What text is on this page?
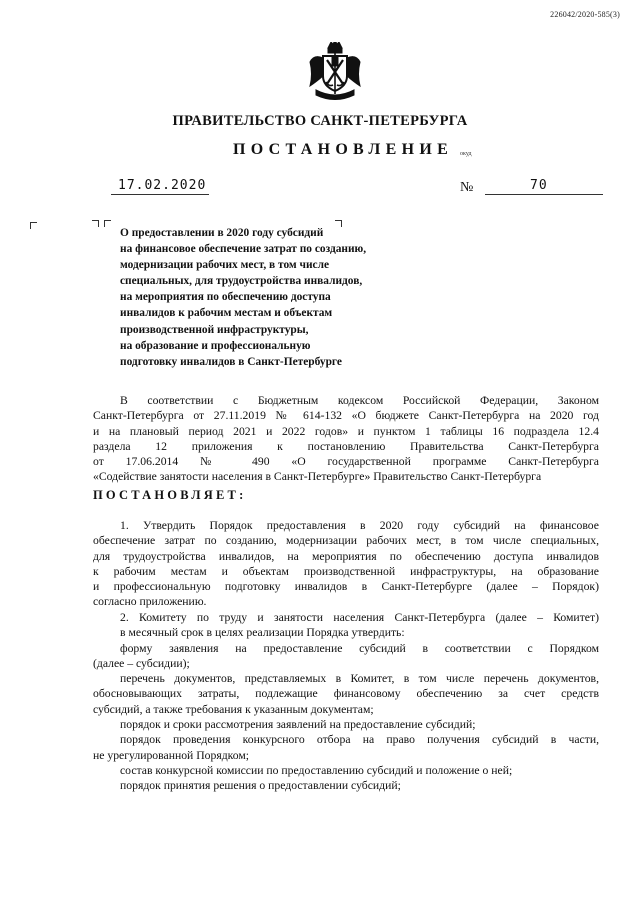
226042/2020-585(3)
ПРАВИТЕЛЬСТВО САНКТ-ПЕТЕРБУРГА
ПОСТАНОВЛЕНИЕ окуд
17.02.2020	№	70
О предоставлении в 2020 году субсидий
на финансовое обеспечение затрат по созданию,
модернизации рабочих мест, в том числе
специальных, для трудоустройства инвалидов,
на мероприятия по обеспечению доступа
инвалидов к рабочим местам и объектам
производственной инфраструктуры,
на образование и профессиональную
подготовку инвалидов в Санкт-Петербурге
В соответствии с Бюджетным кодексом Российской Федерации, Законом
Санкт-Петербурга от 27.11.2019 № 614-132 «О бюджете Санкт-Петербурга на 2020 год
и на плановый период 2021 и 2022 годов» и пунктом 1 таблицы 16 подраздела 12.4
раздела 12 приложения к постановлению Правительства Санкт-Петербурга
от 17.06.2014 № 490 «О государственной программе Санкт-Петербурга
«Содействие занятости населения в Санкт-Петербурге» Правительство Санкт-Петербурга
ПОСТАНОВЛЯЕТ:
1. Утвердить Порядок предоставления в 2020 году субсидий на финансовое
обеспечение затрат по созданию, модернизации рабочих мест, в том числе специальных,
для трудоустройства инвалидов, на мероприятия по обеспечению доступа инвалидов
к рабочим местам и объектам производственной инфраструктуры, на образование
и профессиональную подготовку инвалидов в Санкт-Петербурге (далее – Порядок)
согласно приложению.
2. Комитету по труду и занятости населения Санкт-Петербурга (далее – Комитет)
в месячный срок в целях реализации Порядка утвердить:
форму заявления на предоставление субсидий в соответствии с Порядком
(далее – субсидии);
перечень документов, представляемых в Комитет, в том числе перечень документов,
обосновывающих затраты, подлежащие финансовому обеспечению за счет средств
субсидий, а также требования к указанным документам;
порядок и сроки рассмотрения заявлений на предоставление субсидий;
порядок проведения конкурсного отбора на право получения субсидий в части,
не урегулированной Порядком;
состав конкурсной комиссии по предоставлению субсидий и положение о ней;
порядок принятия решения о предоставлении субсидий;
